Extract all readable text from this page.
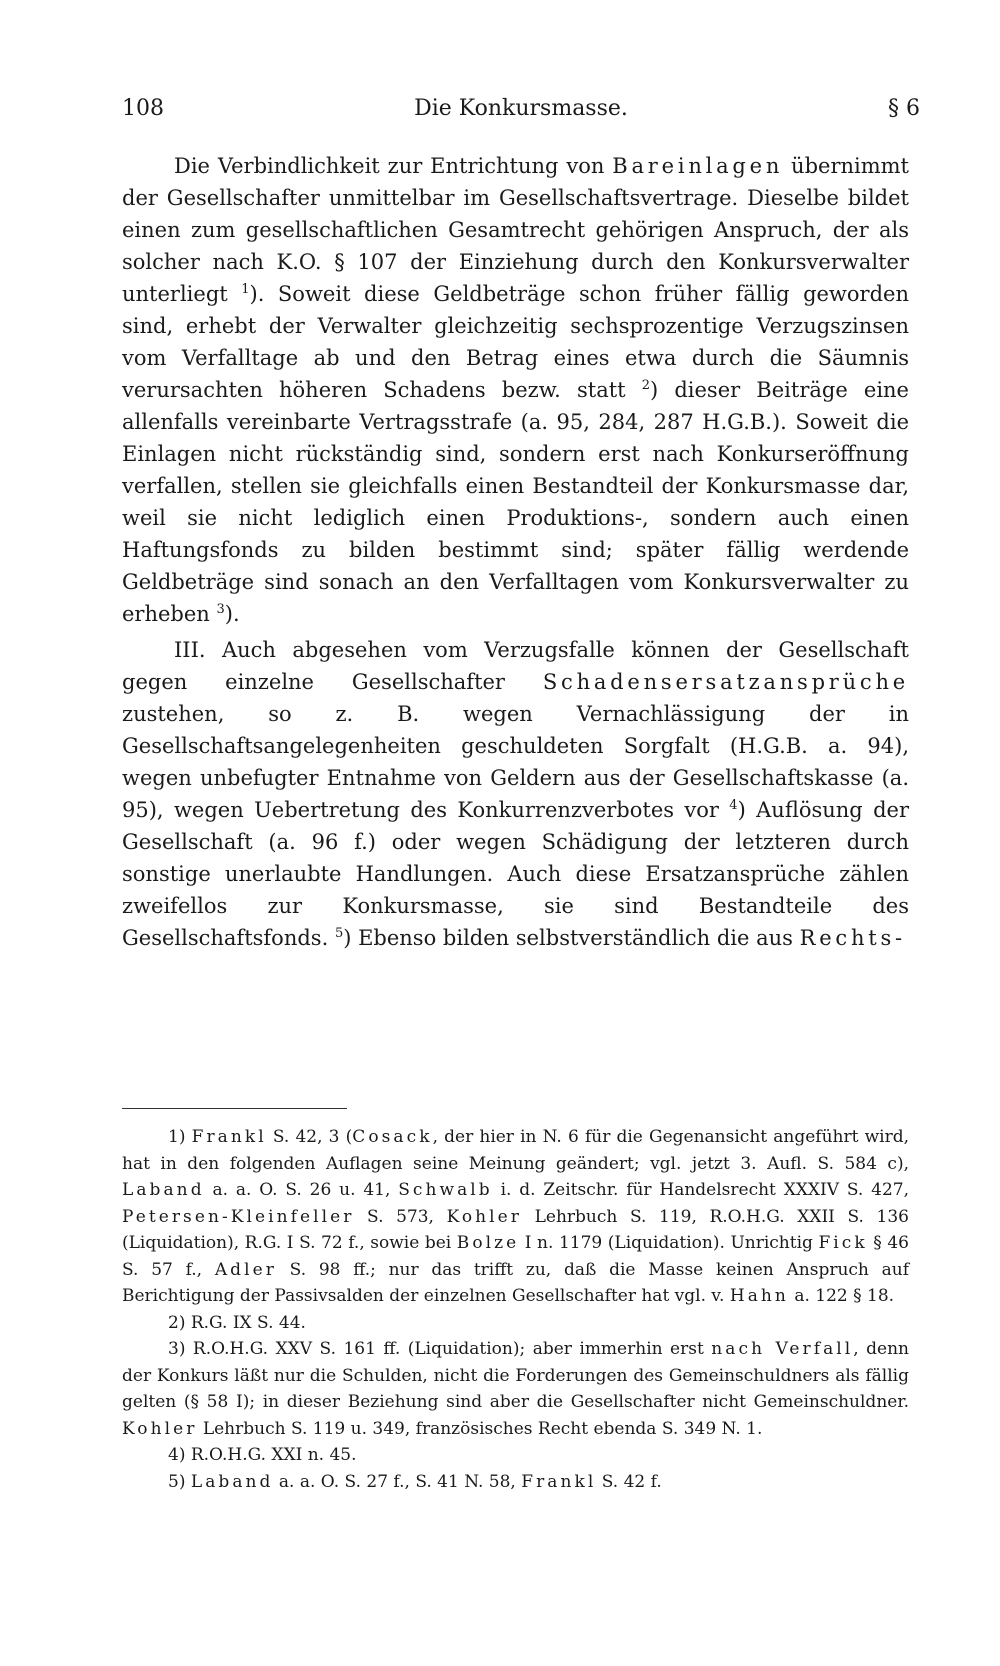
108	Die Konkursmasse.	§ 6

Die Verbindlichkeit zur Entrichtung von Bareinlagen übernimmt der Gesellschafter unmittelbar im Gesellschaftsvertrage. Dieselbe bildet einen zum gesellschaftlichen Gesamtrecht gehörigen Anspruch, der als solcher nach K.O. § 107 der Einziehung durch den Konkursverwalter unterliegt $^1$). Soweit diese Geldbeträge schon früher fällig geworden sind, erhebt der Verwalter gleichzeitig sechsprozentige Verzugszinsen vom Verfalltage ab und den Betrag eines etwa durch die Säumnis verursachten höheren Schadens bezw. statt $^2$) dieser Beiträge eine allenfalls vereinbarte Vertragsstrafe (a. 95, 284, 287 H.G.B.). Soweit die Einlagen nicht rückständig sind, sondern erst nach Konkurseröffnung verfallen, stellen sie gleichfalls einen Bestandteil der Konkursmasse dar, weil sie nicht lediglich einen Produktions-, sondern auch einen Haftungsfonds zu bilden bestimmt sind; später fällig werdende Geldbeträge sind sonach an den Verfalltagen vom Konkursverwalter zu erheben $^3$).

III. Auch abgesehen vom Verzugsfalle können der Gesellschaft gegen einzelne Gesellschafter Schadensersatzansprüche zustehen, so z. B. wegen Vernachlässigung der in Gesellschaftsangelegenheiten geschuldeten Sorgfalt (H.G.B. a. 94), wegen unbefugter Entnahme von Geldern aus der Gesellschaftskasse (a. 95), wegen Uebertretung des Konkurrenzverbotes vor $^4$) Auflösung der Gesellschaft (a. 96 f.) oder wegen Schädigung der letzteren durch sonstige unerlaubte Handlungen. Auch diese Ersatzansprüche zählen zweifellos zur Konkursmasse, sie sind Bestandteile des Gesellschaftsfonds. $^5$) Ebenso bilden selbstverständlich die aus Rechts-

1) Frankl S. 42, 3 (Cosack, der hier in N. 6 für die Gegenansicht angeführt wird, hat in den folgenden Auflagen seine Meinung geändert; vgl. jetzt 3. Aufl. S. 584 c), Laband a. a. O. S. 26 u. 41, Schwalb i. d. Zeitschr. für Handelsrecht XXXIV S. 427, Petersen-Kleinfeller S. 573, Kohler Lehrbuch S. 119, R.O.H.G. XXII S. 136 (Liquidation), R.G. I S. 72 f., sowie bei Bolze I n. 1179 (Liquidation). Unrichtig Fick § 46 S. 57 f., Adler S. 98 ff.; nur das trifft zu, daß die Masse keinen Anspruch auf Berichtigung der Passivsalden der einzelnen Gesellschafter hat vgl. v. Hahn a. 122 § 18.

2) R.G. IX S. 44.

3) R.O.H.G. XXV S. 161 ff. (Liquidation); aber immerhin erst nach Verfall, denn der Konkurs läßt nur die Schulden, nicht die Forderungen des Gemeinschuldners als fällig gelten (§ 58 I); in dieser Beziehung sind aber die Gesellschafter nicht Gemeinschuldner. Kohler Lehrbuch S. 119 u. 349, französisches Recht ebenda S. 349 N. 1.

4) R.O.H.G. XXI n. 45.

5) Laband a. a. O. S. 27 f., S. 41 N. 58, Frankl S. 42 f.
